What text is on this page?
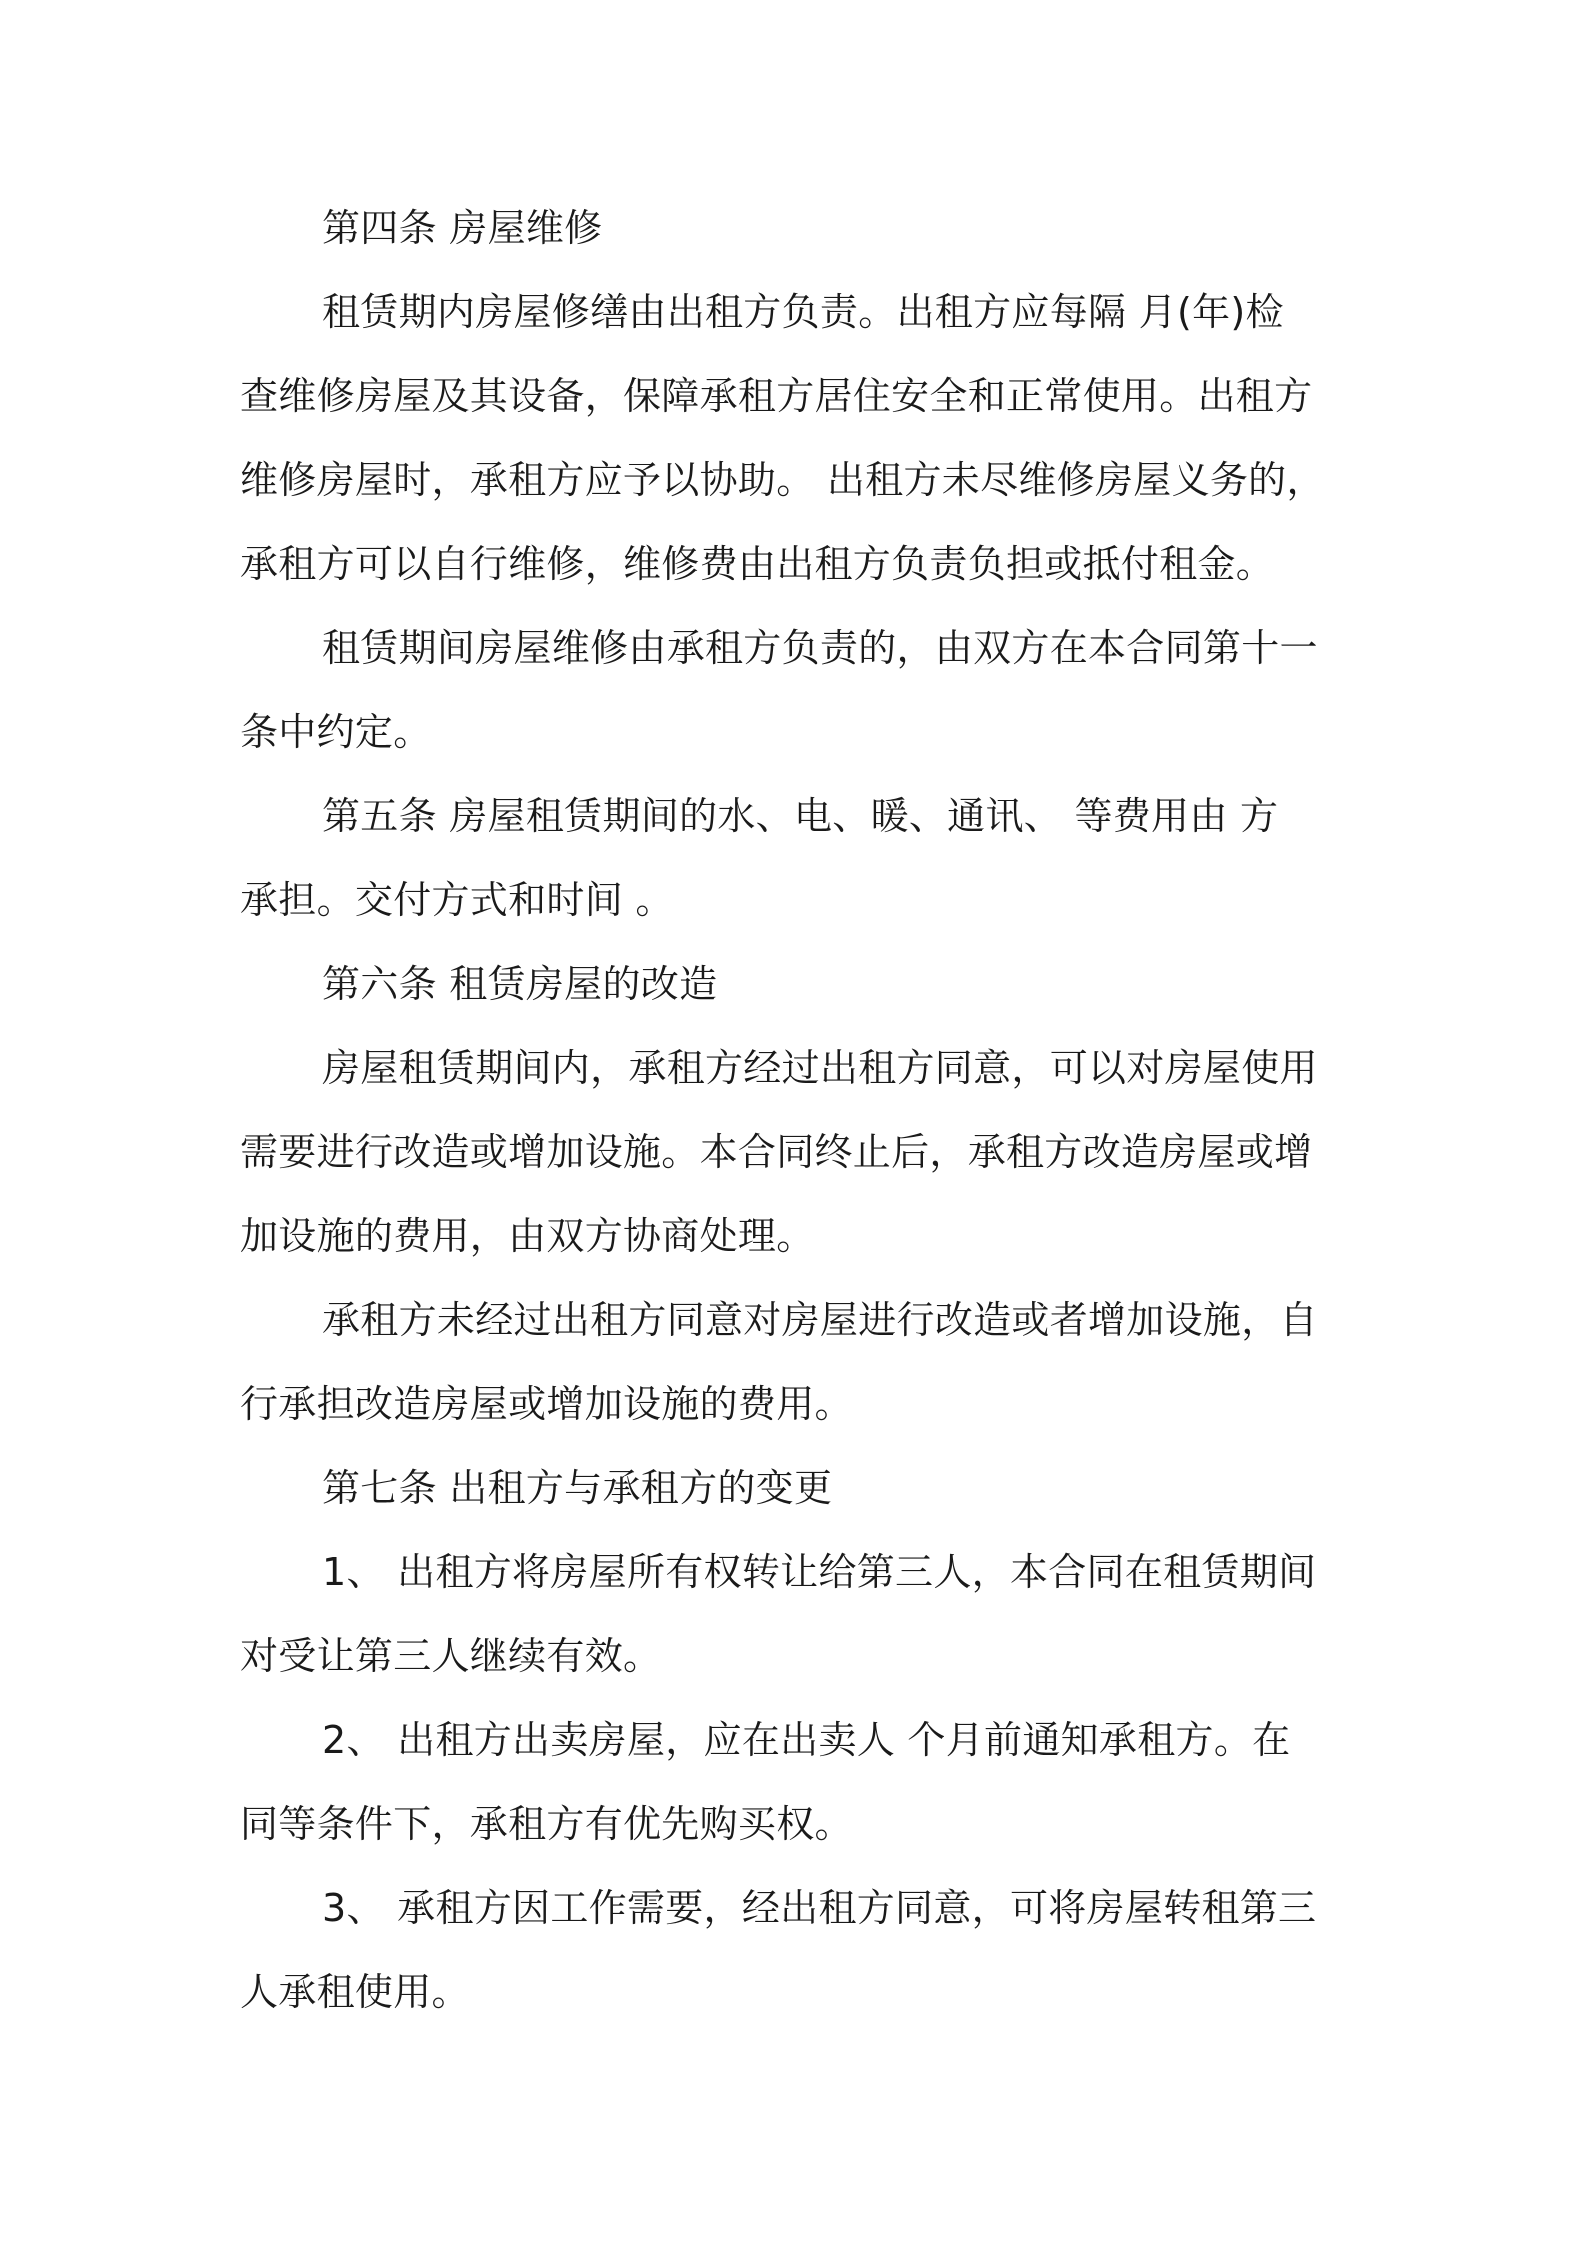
第四条 房屋维修
租赁期内房屋修缮由出租方负责。出租方应每隔 月(年)检
查维修房屋及其设备，保障承租方居住安全和正常使用。出租方
维修房屋时，承租方应予以协助。 出租方未尽维修房屋义务的，
承租方可以自行维修，维修费由出租方负责负担或抵付租金。
租赁期间房屋维修由承租方负责的，由双方在本合同第十一
条中约定。
第五条 房屋租赁期间的水、电、暖、通讯、 等费用由 方
承担。交付方式和时间 。
第六条 租赁房屋的改造
房屋租赁期间内，承租方经过出租方同意，可以对房屋使用
需要进行改造或增加设施。本合同终止后，承租方改造房屋或增
加设施的费用，由双方协商处理。
承租方未经过出租方同意对房屋进行改造或者增加设施，自
行承担改造房屋或增加设施的费用。
第七条 出租方与承租方的变更
1、 出租方将房屋所有权转让给第三人，本合同在租赁期间
对受让第三人继续有效。
2、 出租方出卖房屋，应在出卖人 个月前通知承租方。在
同等条件下，承租方有优先购买权。
3、 承租方因工作需要，经出租方同意，可将房屋转租第三
人承租使用。
